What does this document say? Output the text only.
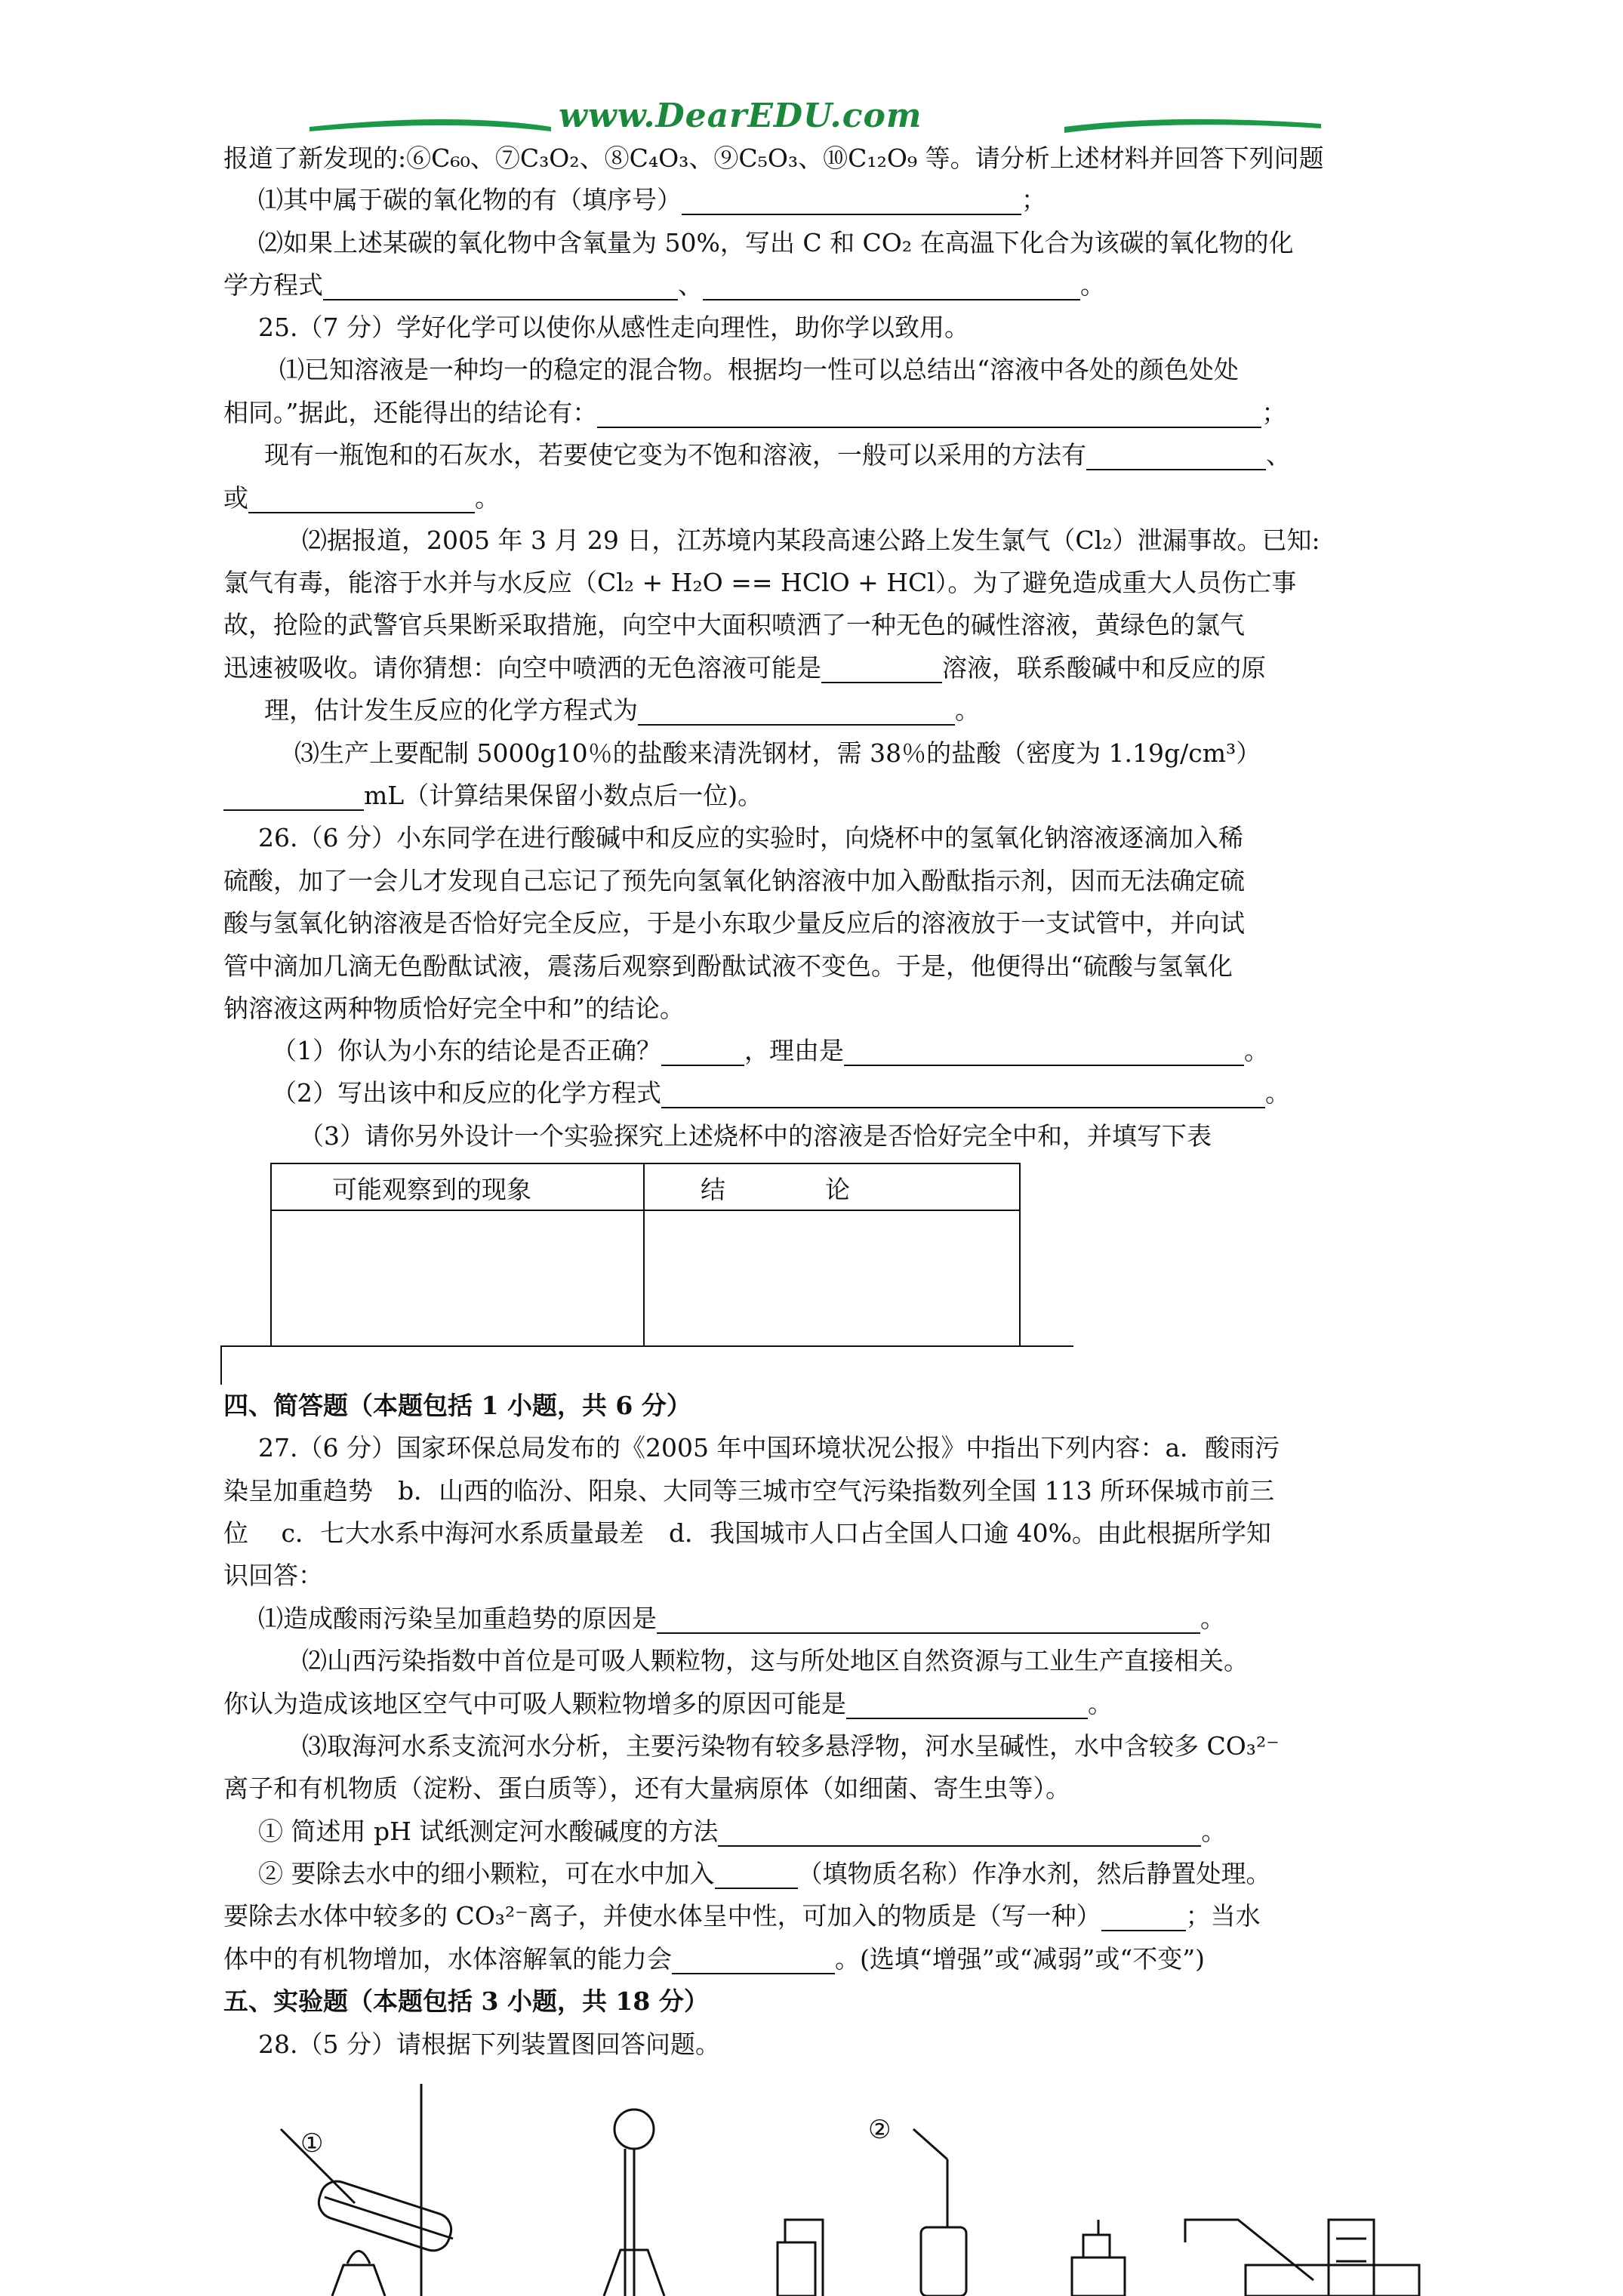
www.DearEDU.com
报道了新发现的:⑥C₆₀、⑦C₃O₂、⑧C₄O₃、⑨C₅O₃、⑩C₁₂O₉ 等。请分析上述材料并回答下列问题
⑴其中属于碳的氧化物的有（填序号）	；
⑵如果上述某碳的氧化物中含氧量为 50%，写出 C 和 CO₂ 在高温下化合为该碳的氧化物的化
学方程式	、	。
25.（7 分）学好化学可以使你从感性走向理性，助你学以致用。
⑴已知溶液是一种均一的稳定的混合物。根据均一性可以总结出“溶液中各处的颜色处处
相同。”据此，还能得出的结论有：	；
现有一瓶饱和的石灰水，若要使它变为不饱和溶液，一般可以采用的方法有	、
或	。
⑵据报道，2005 年 3 月 29 日，江苏境内某段高速公路上发生氯气（Cl₂）泄漏事故。已知:
氯气有毒，能溶于水并与水反应（Cl₂ + H₂O == HClO + HCl）。为了避免造成重大人员伤亡事
故，抢险的武警官兵果断采取措施，向空中大面积喷洒了一种无色的碱性溶液，黄绿色的氯气
迅速被吸收。请你猜想：向空中喷洒的无色溶液可能是	溶液，联系酸碱中和反应的原
理，估计发生反应的化学方程式为	。
⑶生产上要配制 5000g10％的盐酸来清洗钢材，需 38％的盐酸（密度为 1.19g/cm³）
mL（计算结果保留小数点后一位)。
26.（6 分）小东同学在进行酸碱中和反应的实验时，向烧杯中的氢氧化钠溶液逐滴加入稀
硫酸，加了一会儿才发现自己忘记了预先向氢氧化钠溶液中加入酚酞指示剂，因而无法确定硫
酸与氢氧化钠溶液是否恰好完全反应，于是小东取少量反应后的溶液放于一支试管中，并向试
管中滴加几滴无色酚酞试液，震荡后观察到酚酞试液不变色。于是，他便得出“硫酸与氢氧化
钠溶液这两种物质恰好完全中和”的结论。
（1）你认为小东的结论是否正确？	，理由是	。
（2）写出该中和反应的化学方程式	。
（3）请你另外设计一个实验探究上述烧杯中的溶液是否恰好完全中和，并填写下表
可能观察到的现象	结　　　　论
四、简答题（本题包括 1 小题，共 6 分）
27.（6 分）国家环保总局发布的《2005 年中国环境状况公报》中指出下列内容：a．酸雨污
染呈加重趋势　b．山西的临汾、阳泉、大同等三城市空气污染指数列全国 113 所环保城市前三
位　 c．七大水系中海河水系质量最差　d．我国城市人口占全国人口逾 40%。由此根据所学知
识回答：
⑴造成酸雨污染呈加重趋势的原因是	。
⑵山西污染指数中首位是可吸人颗粒物，这与所处地区自然资源与工业生产直接相关。
你认为造成该地区空气中可吸人颗粒物增多的原因可能是	。
⑶取海河水系支流河水分析，主要污染物有较多悬浮物，河水呈碱性，水中含较多 CO₃²⁻
离子和有机物质（淀粉、蛋白质等），还有大量病原体（如细菌、寄生虫等）。
① 简述用 pH 试纸测定河水酸碱度的方法	。
② 要除去水中的细小颗粒，可在水中加入	（填物质名称）作净水剂，然后静置处理。
要除去水体中较多的 CO₃²⁻离子，并使水体呈中性，可加入的物质是（写一种）	；当水
体中的有机物增加，水体溶解氧的能力会	。(选填“增强”或“减弱”或“不变”)
五、实验题（本题包括 3 小题，共 18 分）
28.（5 分）请根据下列装置图回答问题。
①	②
